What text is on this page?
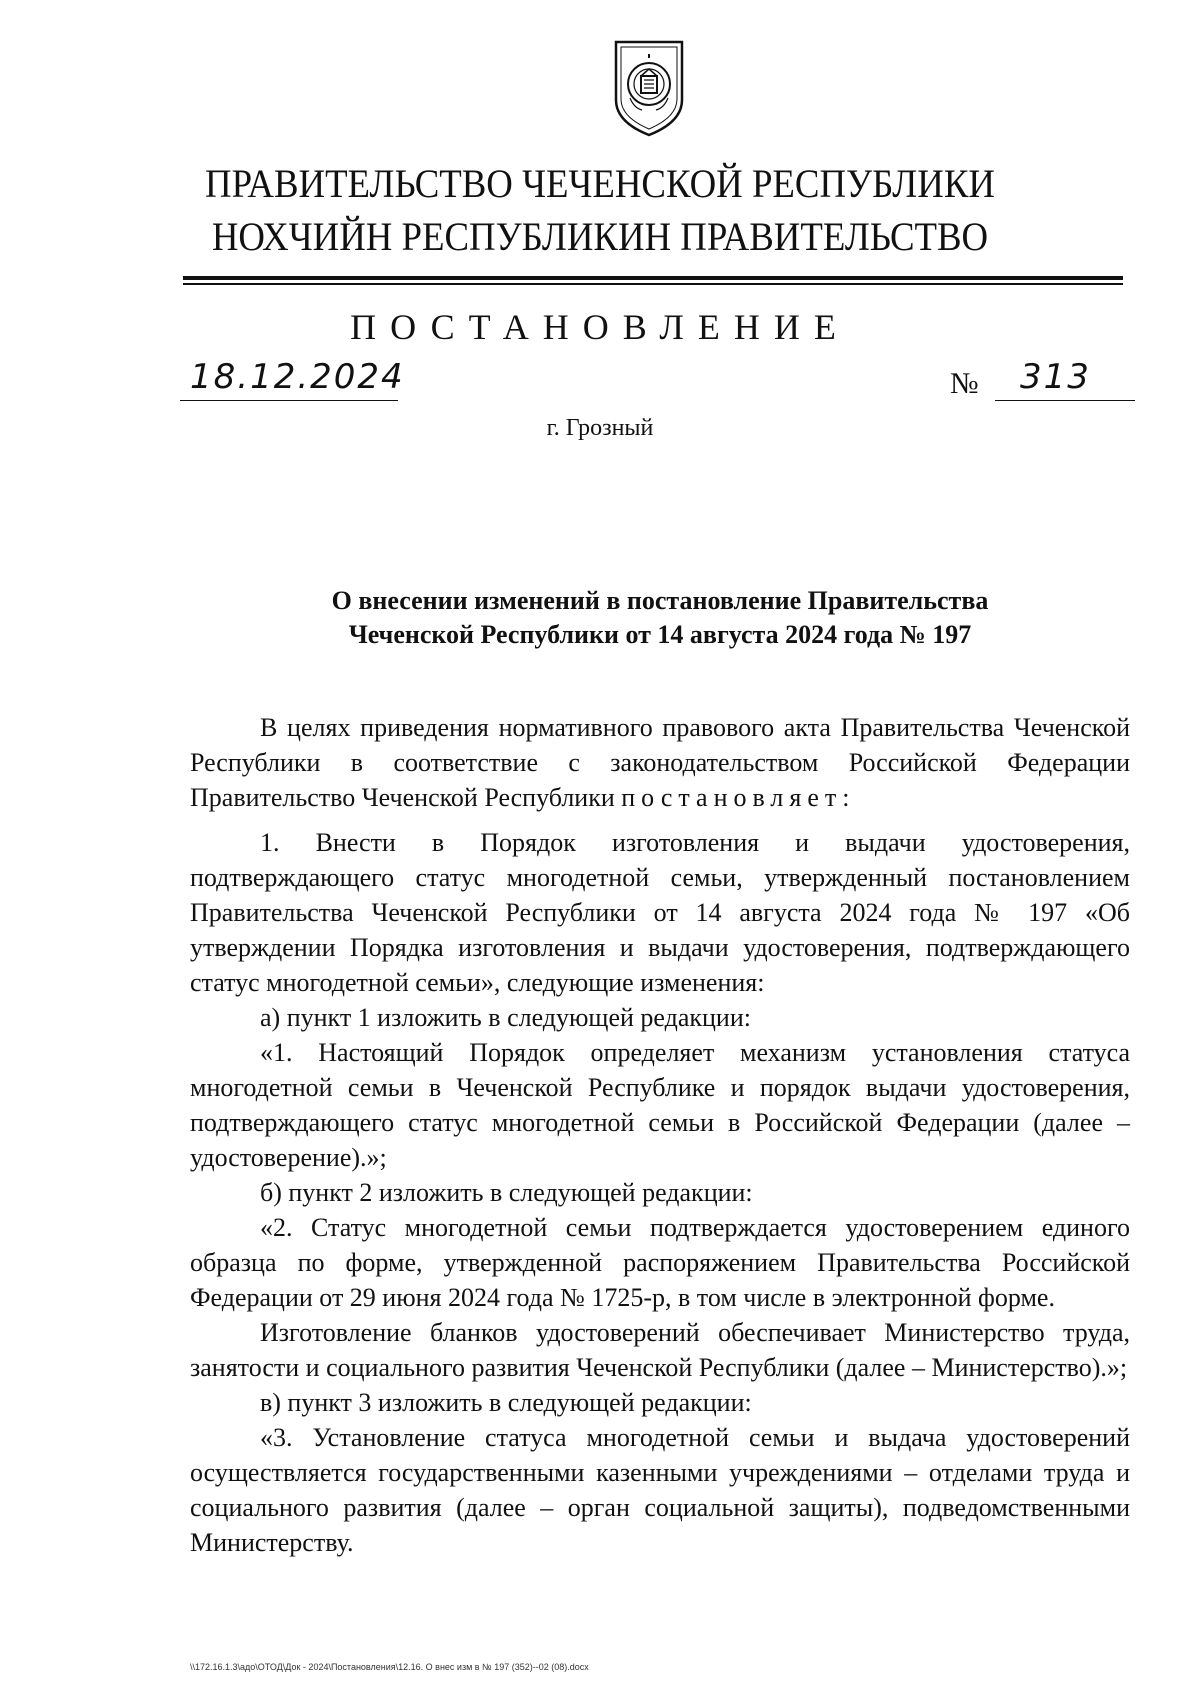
ПРАВИТЕЛЬСТВО ЧЕЧЕНСКОЙ РЕСПУБЛИКИ
НОХЧИЙН РЕСПУБЛИКИН ПРАВИТЕЛЬСТВО
ПОСТАНОВЛЕНИЕ
18.12.2024	№ 313
г. Грозный
О внесении изменений в постановление Правительства
Чеченской Республики от 14 августа 2024 года № 197

В целях приведения нормативного правового акта Правительства Чеченской Республики в соответствие с законодательством Российской Федерации Правительство Чеченской Республики постановляет:

1. Внести в Порядок изготовления и выдачи удостоверения, подтверждающего статус многодетной семьи, утвержденный постановлением Правительства Чеченской Республики от 14 августа 2024 года № 197 «Об утверждении Порядка изготовления и выдачи удостоверения, подтверждающего статус многодетной семьи», следующие изменения:

а) пункт 1 изложить в следующей редакции:

«1. Настоящий Порядок определяет механизм установления статуса многодетной семьи в Чеченской Республике и порядок выдачи удостоверения, подтверждающего статус многодетной семьи в Российской Федерации (далее – удостоверение).»;

б) пункт 2 изложить в следующей редакции:

«2. Статус многодетной семьи подтверждается удостоверением единого образца по форме, утвержденной распоряжением Правительства Российской Федерации от 29 июня 2024 года № 1725-р, в том числе в электронной форме.

Изготовление бланков удостоверений обеспечивает Министерство труда, занятости и социального развития Чеченской Республики (далее – Министерство).»;

в) пункт 3 изложить в следующей редакции:

«3. Установление статуса многодетной семьи и выдача удостоверений осуществляется государственными казенными учреждениями – отделами труда и социального развития (далее – орган социальной защиты), подведомственными Министерству.

\\172.16.1.3\адо\ОТОД\Док - 2024\Постановления\12.16. О внес изм в № 197 (352)--02 (08).docx
